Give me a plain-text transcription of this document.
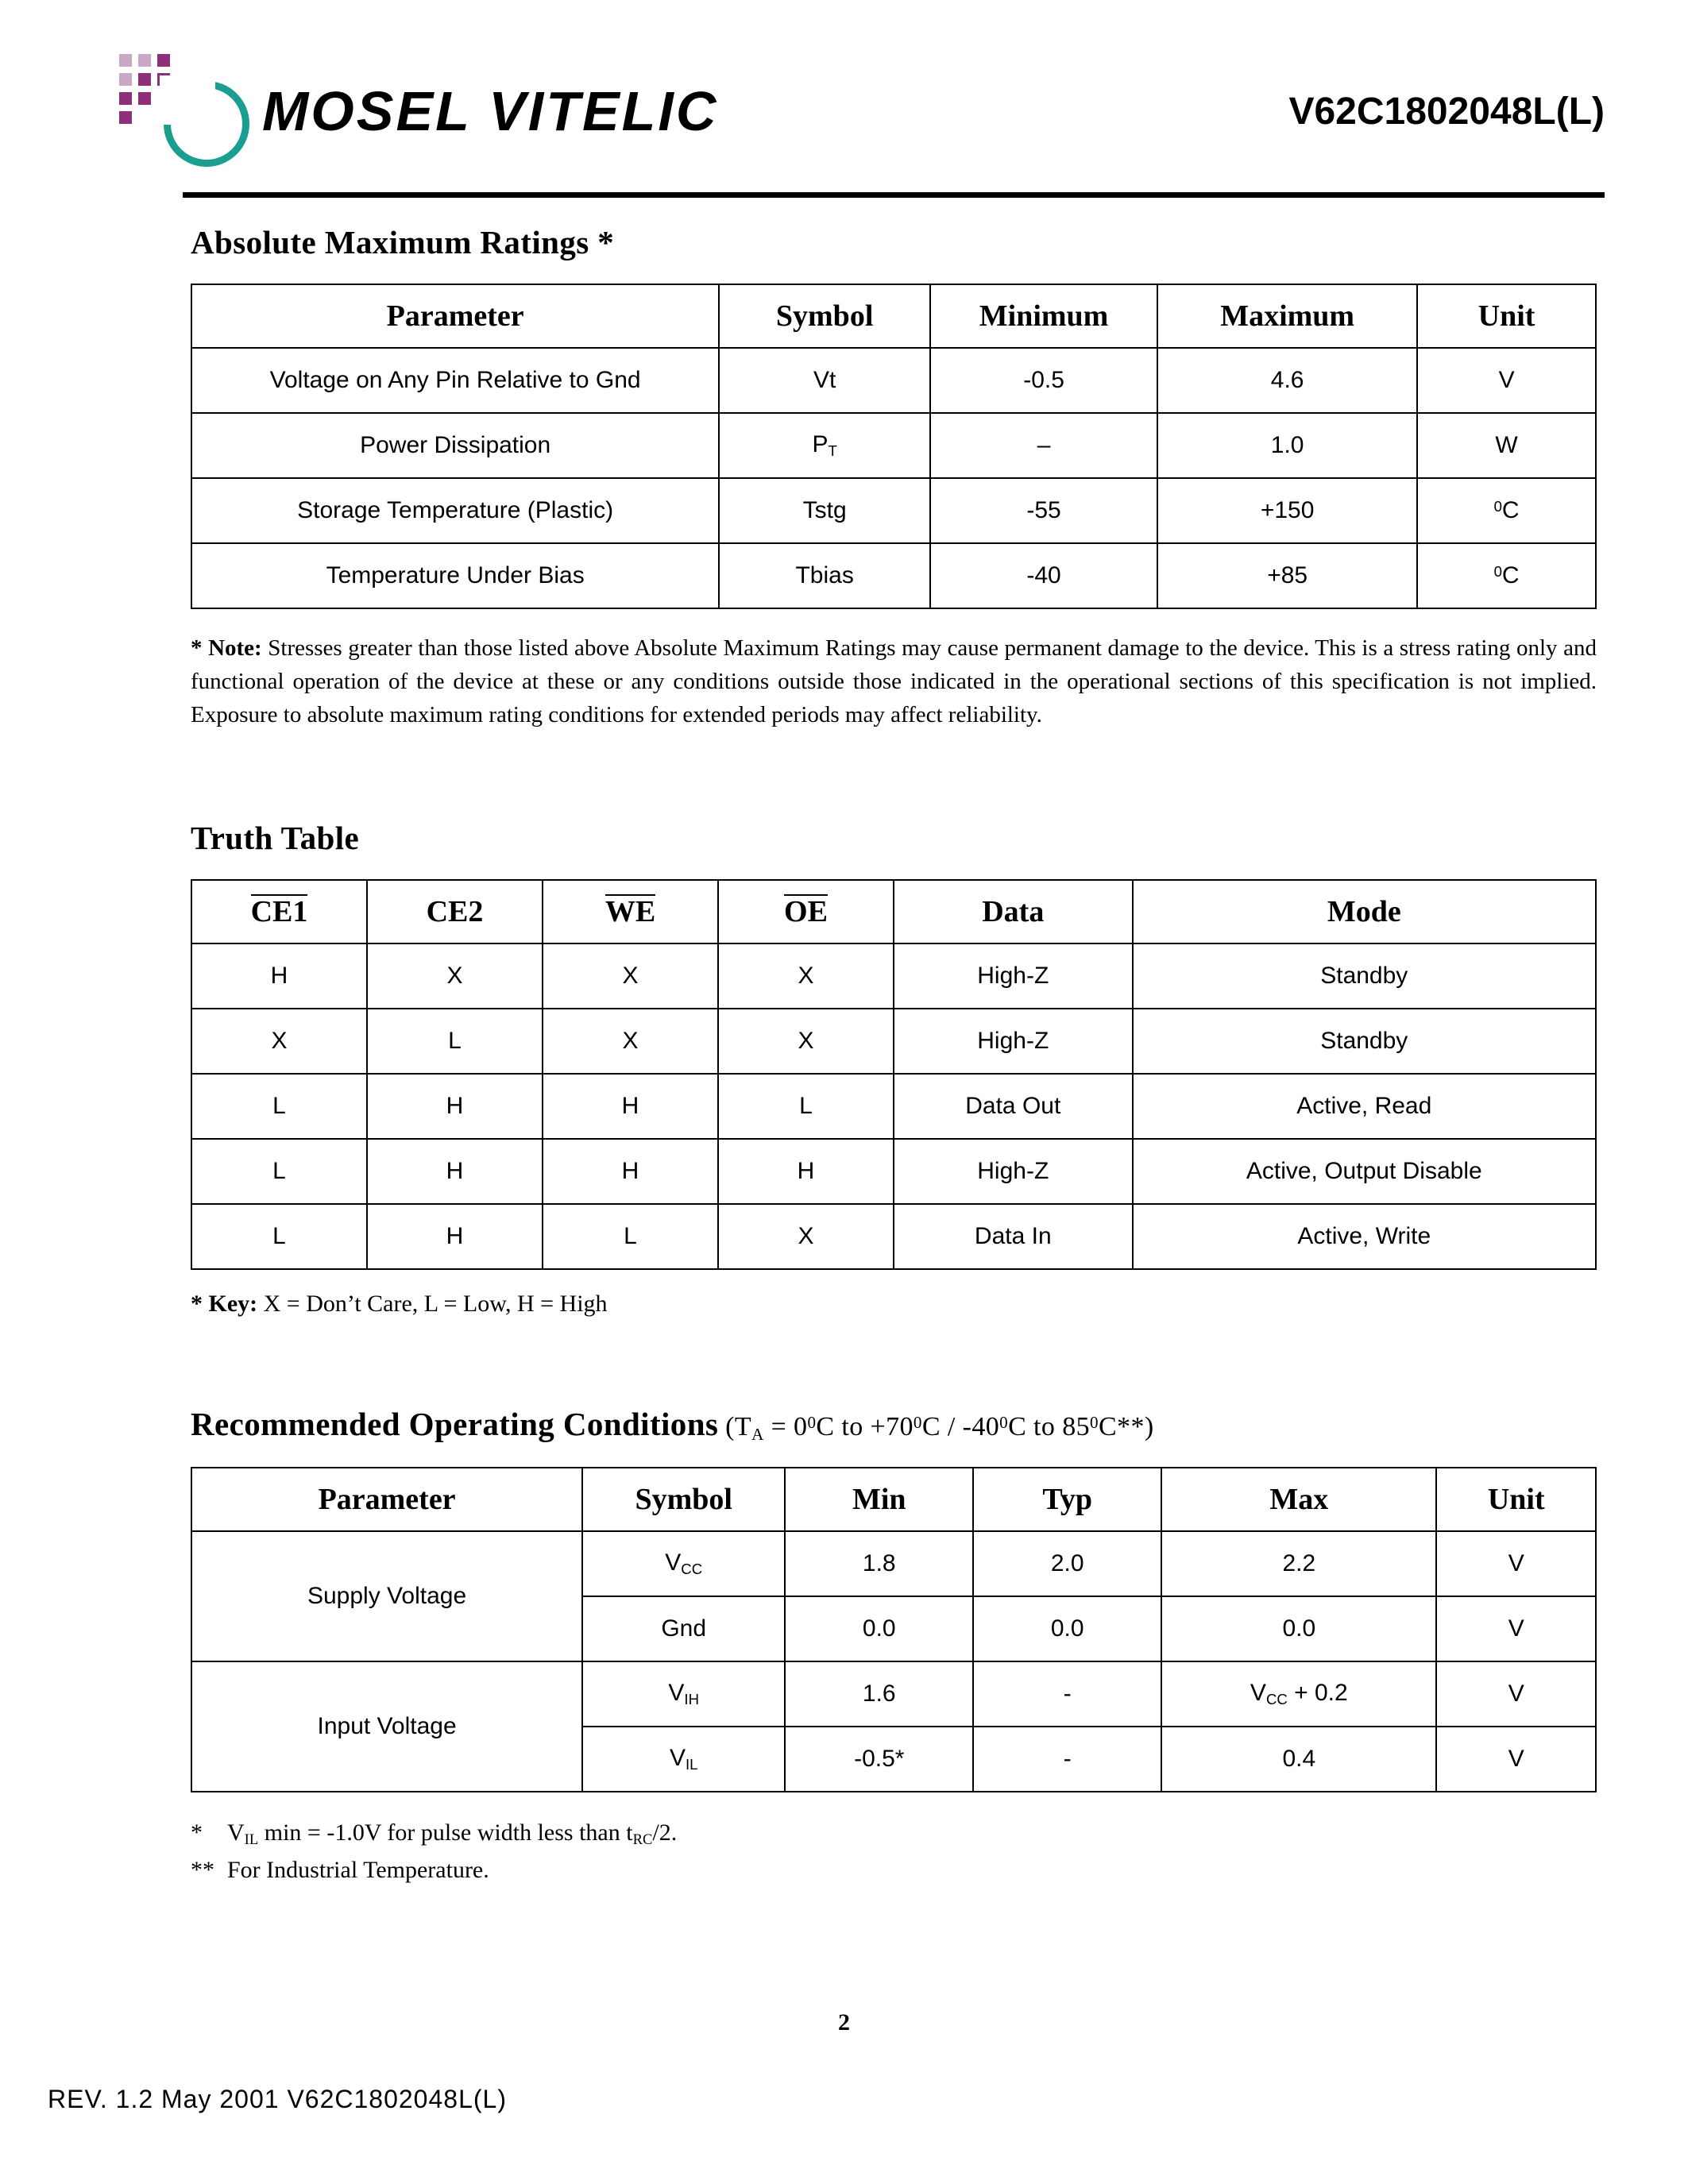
MOSEL VITELIC	V62C1802048L(L)
Absolute Maximum Ratings *
Parameter	Symbol	Minimum	Maximum	Unit
Voltage on Any Pin Relative to Gnd	Vt	-0.5	4.6	V
Power Dissipation	$P_T$	–	1.0	W
Storage Temperature (Plastic)	Tstg	-55	+150	$^0$C
Temperature Under Bias	Tbias	-40	+85	$^0$C

* Note: Stresses greater than those listed above Absolute Maximum Ratings may cause permanent damage to the device. This is a stress rating only and functional operation of the device at these or any conditions outside those indicated in the operational sections of this specification is not implied. Exposure to absolute maximum rating conditions for extended periods may affect reliability.

Truth Table
CE1	CE2	WE	OE	Data	Mode
H	X	X	X	High-Z	Standby
X	L	X	X	High-Z	Standby
L	H	H	L	Data Out	Active, Read
L	H	H	H	High-Z	Active, Output Disable
L	H	L	X	Data In	Active, Write

* Key: X = Don’t Care, L = Low, H = High

Recommended Operating Conditions ($T_A = 0^0C$ to $+70^0C / -40^0C$ to $85^0C**$)
Parameter	Symbol	Min	Typ	Max	Unit
Supply Voltage	$V_{CC}$	1.8	2.0	2.2	V
	Gnd	0.0	0.0	0.0	V
Input Voltage	$V_{IH}$	1.6	-	$V_{CC} + 0.2$	V
	$V_{IL}$	-0.5*	-	0.4	V
* $V_{IL}$ min = -1.0V for pulse width less than $t_{RC}/2$.
** For Industrial Temperature.
2
REV. 1.2 May 2001 V62C1802048L(L)
